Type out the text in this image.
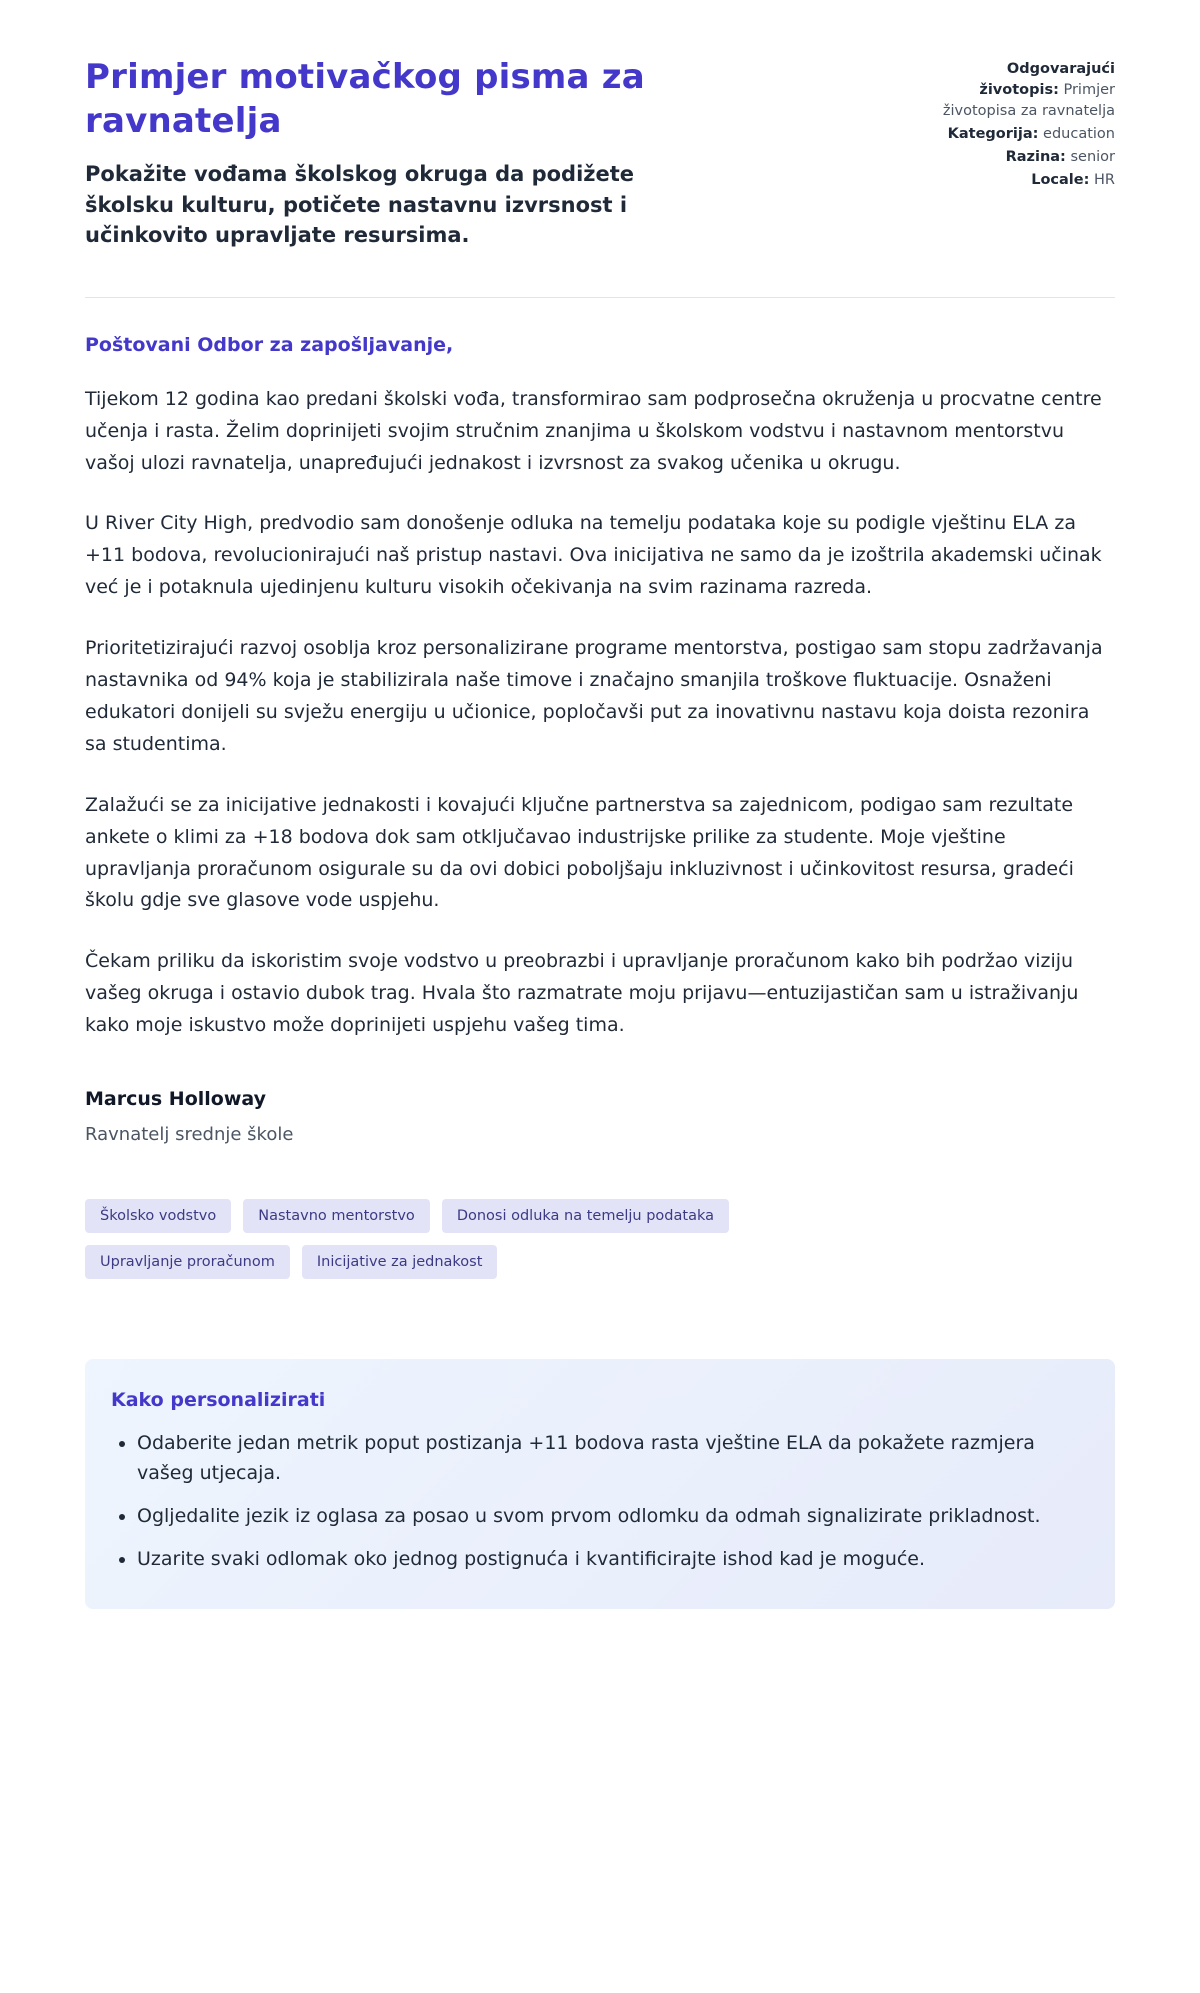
Primjer motivačkog pisma za ravnatelja
Pokažite vođama školskog okruga da podižete školsku kulturu, potičete nastavnu izvrsnost i učinkovito upravljate resursima.
Odgovarajući životopis: Primjer životopisa za ravnatelja
Kategorija: education
Razina: senior
Locale: HR
Poštovani Odbor za zapošljavanje,

Tijekom 12 godina kao predani školski vođa, transformirao sam podprosečna okruženja u procvatne centre učenja i rasta. Želim doprinijeti svojim stručnim znanjima u školskom vodstvu i nastavnom mentorstvu vašoj ulozi ravnatelja, unapređujući jednakost i izvrsnost za svakog učenika u okrugu.

U River City High, predvodio sam donošenje odluka na temelju podataka koje su podigle vještinu ELA za +11 bodova, revolucionirajući naš pristup nastavi. Ova inicijativa ne samo da je izoštrila akademski učinak već je i potaknula ujedinjenu kulturu visokih očekivanja na svim razinama razreda.

Prioritetizirajući razvoj osoblja kroz personalizirane programe mentorstva, postigao sam stopu zadržavanja nastavnika od 94% koja je stabilizirala naše timove i značajno smanjila troškove fluktuacije. Osnaženi edukatori donijeli su svježu energiju u učionice, popločavši put za inovativnu nastavu koja doista rezonira sa studentima.

Zalažući se za inicijative jednakosti i kovajući ključne partnerstva sa zajednicom, podigao sam rezultate ankete o klimi za +18 bodova dok sam otključavao industrijske prilike za studente. Moje vještine upravljanja proračunom osigurale su da ovi dobici poboljšaju inkluzivnost i učinkovitost resursa, gradeći školu gdje sve glasove vode uspjehu.

Čekam priliku da iskoristim svoje vodstvo u preobrazbi i upravljanje proračunom kako bih podržao viziju vašeg okruga i ostavio dubok trag. Hvala što razmatrate moju prijavu—entuzijastičan sam u istraživanju kako moje iskustvo može doprinijeti uspjehu vašeg tima.

Marcus Holloway
Ravnatelj srednje škole
Školsko vodstvo	Nastavno mentorstvo	Donosi odluka na temelju podataka
Upravljanje proračunom	Inicijative za jednakost
Kako personalizirati
• Odaberite jedan metrik poput postizanja +11 bodova rasta vještine ELA da pokažete razmjera vašeg utjecaja.
• Ogljedalite jezik iz oglasa za posao u svom prvom odlomku da odmah signalizirate prikladnost.
• Uzarite svaki odlomak oko jednog postignuća i kvantificirajte ishod kad je moguće.
